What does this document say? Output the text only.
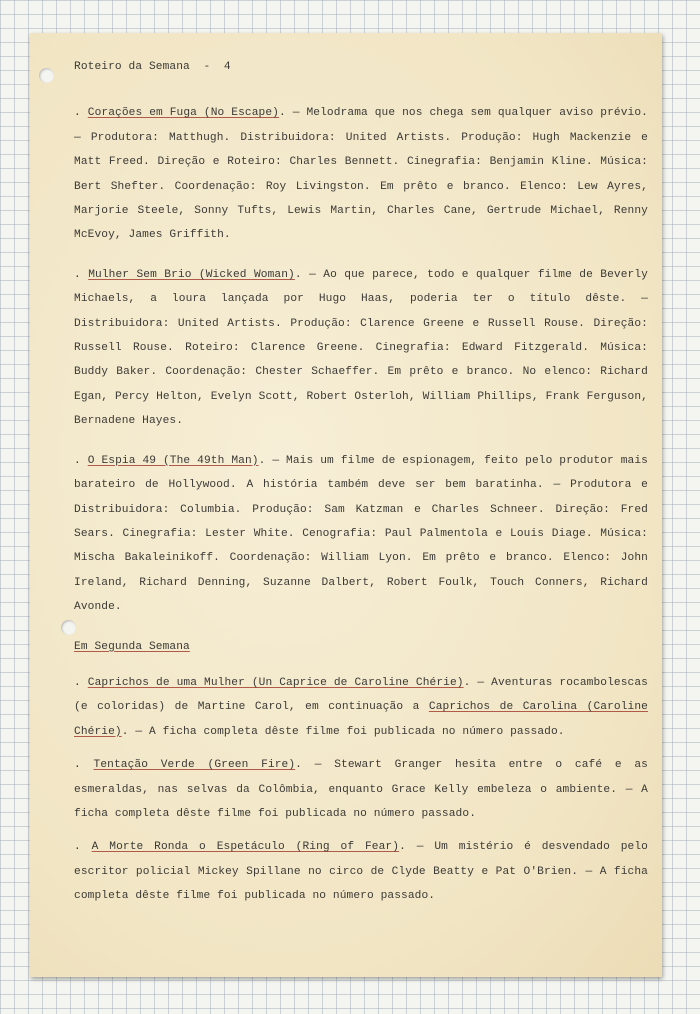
Roteiro da Semana  -  4

. Corações em Fuga (No Escape). — Melodrama que nos chega sem qualquer aviso prévio. — Produtora: Matthugh. Distribuidora: United Artists. Produção: Hugh Mackenzie e Matt Freed. Direção e Roteiro: Charles Bennett. Cinegrafia: Benjamin Kline. Música: Bert Shefter. Coordenação: Roy Livingston. Em prêto e branco. Elenco: Lew Ayres, Marjorie Steele, Sonny Tufts, Lewis Martin, Charles Cane, Gertrude Michael, Renny McEvoy, James Griffith.

. Mulher Sem Brio (Wicked Woman). — Ao que parece, todo e qualquer filme de Beverly Michaels, a loura lançada por Hugo Haas, poderia ter o título dêste. — Distribuidora: United Artists. Produção: Clarence Greene e Russell Rouse. Direção: Russell Rouse. Roteiro: Clarence Greene. Cinegrafia: Edward Fitzgerald. Música: Buddy Baker. Coordenação: Chester Schaeffer. Em prêto e branco. No elenco: Richard Egan, Percy Helton, Evelyn Scott, Robert Osterloh, William Phillips, Frank Ferguson, Bernadene Hayes.

. O Espia 49 (The 49th Man). — Mais um filme de espionagem, feito pelo produtor mais barateiro de Hollywood. A história também deve ser bem baratinha. — Produtora e Distribuidora: Columbia. Produção: Sam Katzman e Charles Schneer. Direção: Fred Sears. Cinegrafia: Lester White. Cenografia: Paul Palmentola e Louis Diage. Música: Mischa Bakaleinikoff. Coordenação: William Lyon. Em prêto e branco. Elenco: John Ireland, Richard Denning, Suzanne Dalbert, Robert Foulk, Touch Conners, Richard Avonde.

Em Segunda Semana

. Caprichos de uma Mulher (Un Caprice de Caroline Chérie). — Aventuras rocambolescas (e coloridas) de Martine Carol, em continuação a Caprichos de Carolina (Caroline Chérie). — A ficha completa dêste filme foi publicada no número passado.

. Tentação Verde (Green Fire). — Stewart Granger hesita entre o café e as esmeraldas, nas selvas da Colômbia, enquanto Grace Kelly embeleza o ambiente. — A ficha completa dêste filme foi publicada no número passado.

. A Morte Ronda o Espetáculo (Ring of Fear). — Um mistério é desvendado pelo escritor policial Mickey Spillane no circo de Clyde Beatty e Pat O'Brien. — A ficha completa dêste filme foi publicada no número passado.
